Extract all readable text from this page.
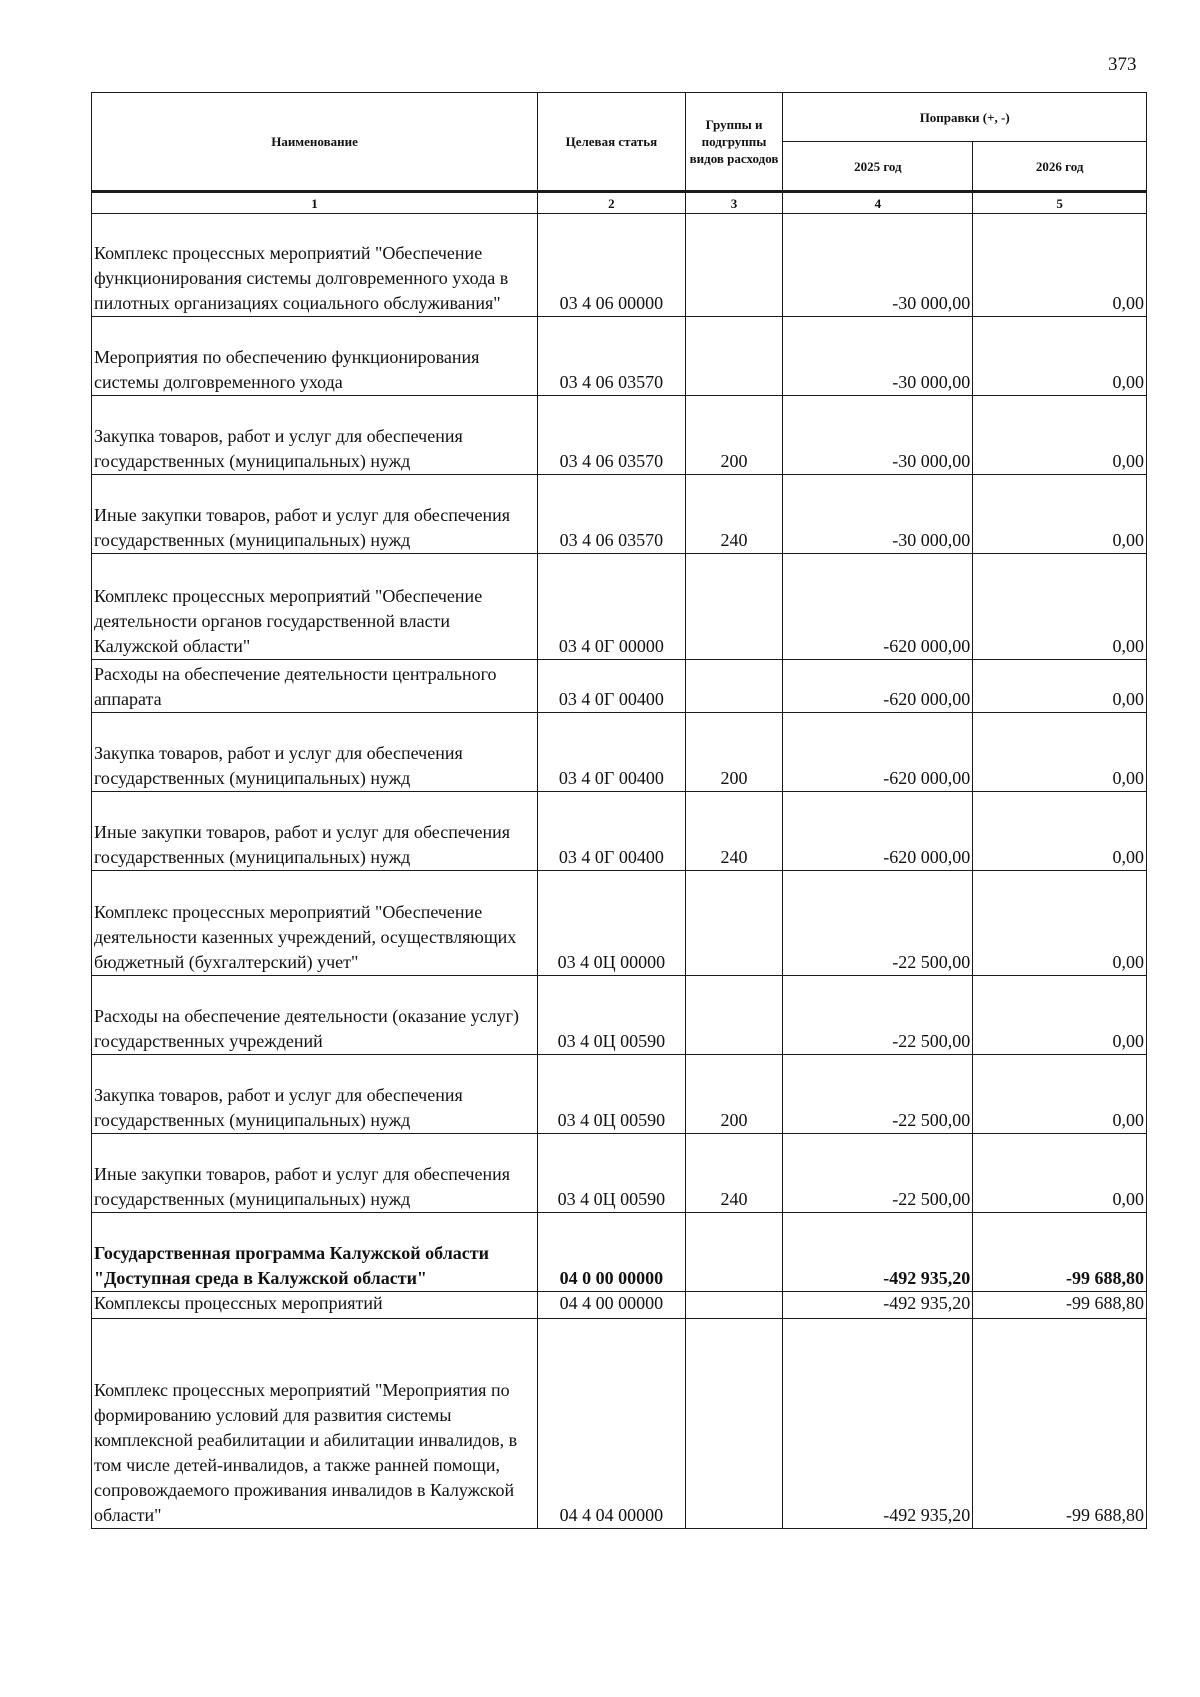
373
Наименование	Целевая статья	Группы и подгруппы видов расходов	Поправки (+, -)	
			2025 год	2026 год
1	2	3	4	5
Комплекс процессных мероприятий "Обеспечение функционирования системы долговременного ухода в пилотных организациях социального обслуживания"	03 4 06 00000		-30 000,00	0,00
Мероприятия по обеспечению функционирования системы долговременного ухода	03 4 06 03570		-30 000,00	0,00
Закупка товаров, работ и услуг для обеспечения государственных (муниципальных) нужд	03 4 06 03570	200	-30 000,00	0,00
Иные закупки товаров, работ и услуг для обеспечения государственных (муниципальных) нужд	03 4 06 03570	240	-30 000,00	0,00
Комплекс процессных мероприятий "Обеспечение деятельности органов государственной власти Калужской области"	03 4 0Г 00000		-620 000,00	0,00
Расходы на обеспечение деятельности центрального аппарата	03 4 0Г 00400		-620 000,00	0,00
Закупка товаров, работ и услуг для обеспечения государственных (муниципальных) нужд	03 4 0Г 00400	200	-620 000,00	0,00
Иные закупки товаров, работ и услуг для обеспечения государственных (муниципальных) нужд	03 4 0Г 00400	240	-620 000,00	0,00
Комплекс процессных мероприятий "Обеспечение деятельности казенных учреждений, осуществляющих бюджетный (бухгалтерский) учет"	03 4 0Ц 00000		-22 500,00	0,00
Расходы на обеспечение деятельности (оказание услуг) государственных учреждений	03 4 0Ц 00590		-22 500,00	0,00
Закупка товаров, работ и услуг для обеспечения государственных (муниципальных) нужд	03 4 0Ц 00590	200	-22 500,00	0,00
Иные закупки товаров, работ и услуг для обеспечения государственных (муниципальных) нужд	03 4 0Ц 00590	240	-22 500,00	0,00
Государственная программа Калужской области "Доступная среда в Калужской области"	04 0 00 00000		-492 935,20	-99 688,80
Комплексы процессных мероприятий	04 4 00 00000		-492 935,20	-99 688,80
Комплекс процессных мероприятий "Мероприятия по формированию условий для развития системы комплексной реабилитации и абилитации инвалидов, в том числе детей-инвалидов, а также ранней помощи, сопровождаемого проживания инвалидов в Калужской области"	04 4 04 00000		-492 935,20	-99 688,80
